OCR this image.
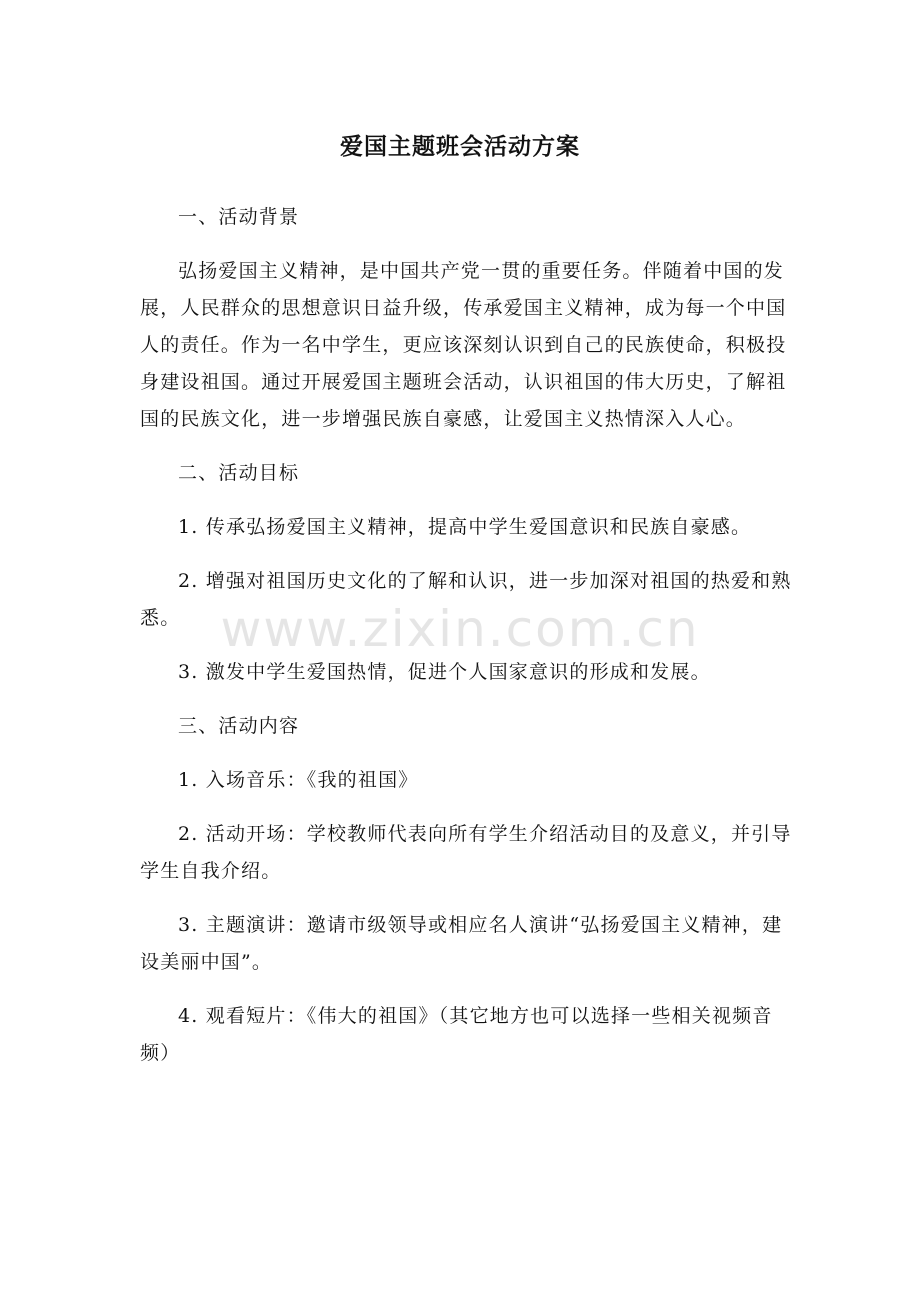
爱国主题班会活动方案

一、活动背景

弘扬爱国主义精神，是中国共产党一贯的重要任务。伴随着中国的发展，人民群众的思想意识日益升级，传承爱国主义精神，成为每一个中国人的责任。作为一名中学生，更应该深刻认识到自己的民族使命，积极投身建设祖国。通过开展爱国主题班会活动，认识祖国的伟大历史，了解祖国的民族文化，进一步增强民族自豪感，让爱国主义热情深入人心。

二、活动目标

1. 传承弘扬爱国主义精神，提高中学生爱国意识和民族自豪感。

2. 增强对祖国历史文化的了解和认识，进一步加深对祖国的热爱和熟悉。

3. 激发中学生爱国热情，促进个人国家意识的形成和发展。

三、活动内容

1. 入场音乐：《我的祖国》

2. 活动开场：学校教师代表向所有学生介绍活动目的及意义，并引导学生自我介绍。

3. 主题演讲：邀请市级领导或相应名人演讲“弘扬爱国主义精神，建设美丽中国”。

4. 观看短片：《伟大的祖国》（其它地方也可以选择一些相关视频音频）

www.zixin.com.cn
